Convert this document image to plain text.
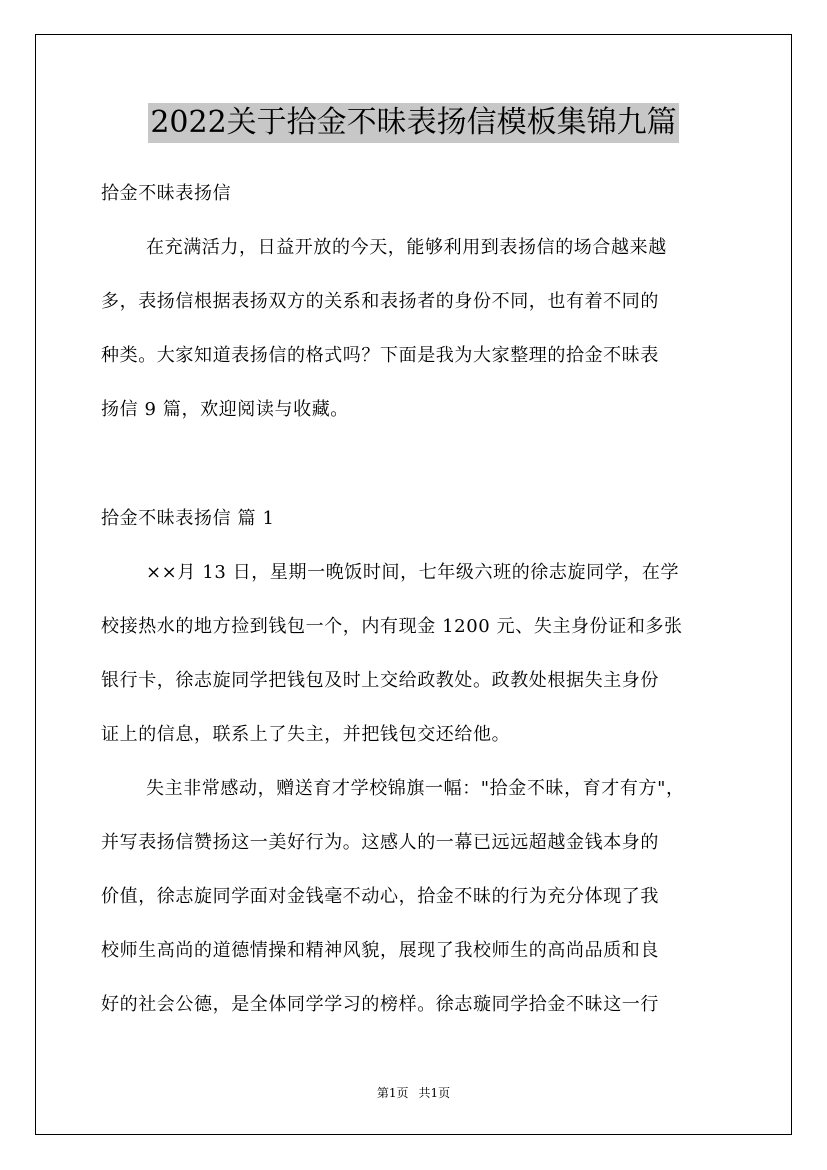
2022关于拾金不昧表扬信模板集锦九篇
拾金不昧表扬信
在充满活力，日益开放的今天，能够利用到表扬信的场合越来越
多，表扬信根据表扬双方的关系和表扬者的身份不同，也有着不同的
种类。大家知道表扬信的格式吗？下面是我为大家整理的拾金不昧表
扬信 9 篇，欢迎阅读与收藏。
拾金不昧表扬信 篇 1
××月 13 日，星期一晚饭时间，七年级六班的徐志旋同学，在学
校接热水的地方捡到钱包一个，内有现金 1200 元、失主身份证和多张
银行卡，徐志旋同学把钱包及时上交给政教处。政教处根据失主身份
证上的信息，联系上了失主，并把钱包交还给他。
失主非常感动，赠送育才学校锦旗一幅："拾金不昧，育才有方"，
并写表扬信赞扬这一美好行为。这感人的一幕已远远超越金钱本身的
价值，徐志旋同学面对金钱毫不动心，拾金不昧的行为充分体现了我
校师生高尚的道德情操和精神风貌，展现了我校师生的高尚品质和良
好的社会公德，是全体同学学习的榜样。徐志璇同学拾金不昧这一行
第1页 共1页
